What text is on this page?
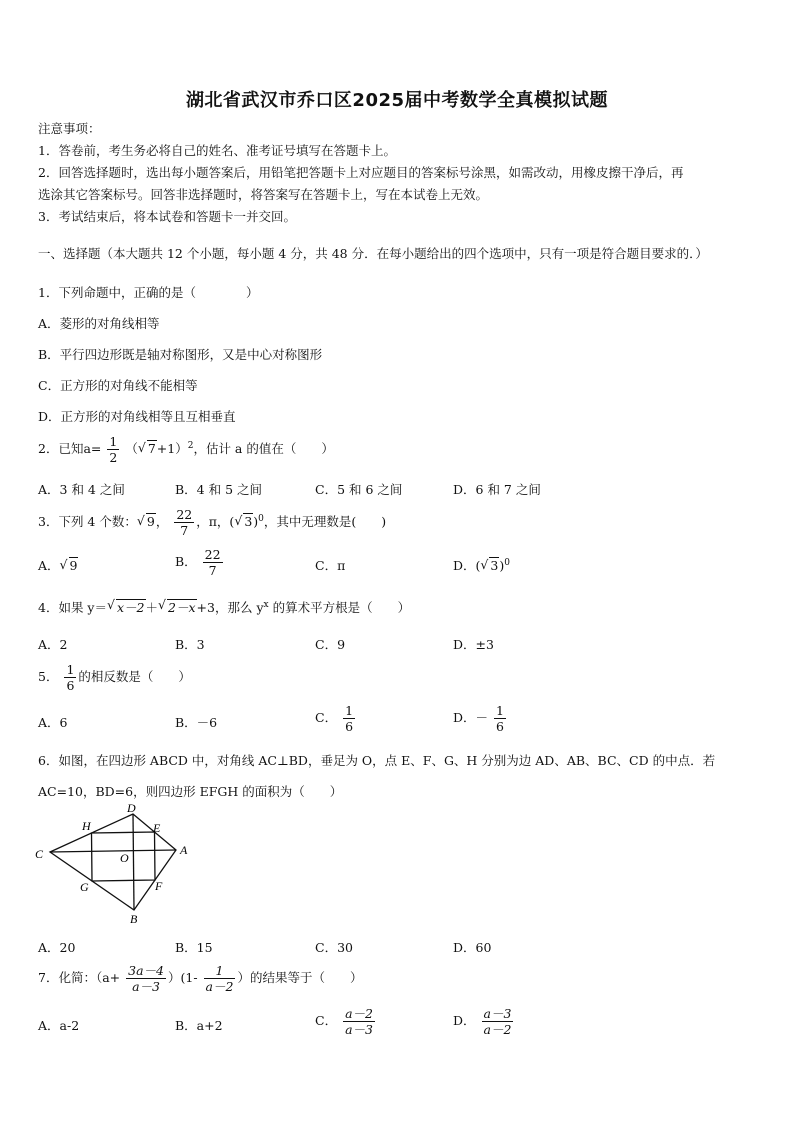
湖北省武汉市乔口区2025届中考数学全真模拟试题
注意事项：
1．答卷前，考生务必将自己的姓名、准考证号填写在答题卡上。
2．回答选择题时，选出每小题答案后，用铅笔把答题卡上对应题目的答案标号涂黑，如需改动，用橡皮擦干净后，再
选涂其它答案标号。回答非选择题时，将答案写在答题卡上，写在本试卷上无效。
3．考试结束后，将本试卷和答题卡一并交回。
一、选择题（本大题共 12 个小题，每小题 4 分，共 48 分．在每小题给出的四个选项中，只有一项是符合题目要求的．）
1．下列命题中，正确的是（　　　　）
A．菱形的对角线相等
B．平行四边形既是轴对称图形，又是中心对称图形
C．正方形的对角线不能相等
D．正方形的对角线相等且互相垂直
2．已知$a= \frac{1}{2}$ （ √ 7+1）$^2$，估计 a 的值在（　　）
A．3 和 4 之间	B．4 和 5 之间	C．5 和 6 之间	D．6 和 7 之间
3．下列 4 个数： √ 9， $\frac{22}{7}$ ，π，( √ 3)$^0$，其中无理数是(　　)
A． √ 9	B． $\frac{22}{7}$	C．π	D．( √ 3)$^0$
4．如果 y＝ √ x－2＋ √ 2－x+3，那么 $y^x$ 的算术平方根是（　　）
A．2	B．3	C．9	D．±3
5． $\frac{1}{6}$ 的相反数是（　　）
A．6	B．－6	C． $\frac{1}{6}$	D．－ $\frac{1}{6}$
6．如图，在四边形 ABCD 中，对角线 AC⊥BD，垂足为 O，点 E、F、G、H 分别为边 AD、AB、BC、CD 的中点．若
AC=10，BD=6，则四边形 EFGH 的面积为（　　）
C
D
A
B
E
F
G
H
O
A．20	B．15	C．30	D．60
7．化简：$(a+ \frac{3a-4}{a-3} )(1- \frac{1}{a-2}$ ）的结果等于（　　）
A．a-2	B．a+2	C． $\frac{a-2}{a-3}$	D． $\frac{a-3}{a-2}$
